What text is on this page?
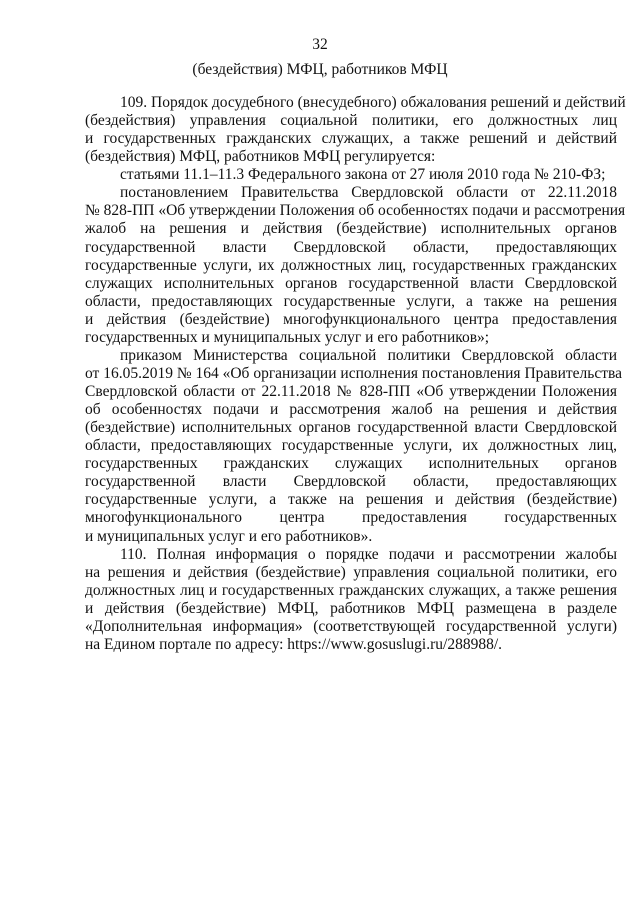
32
(бездействия) МФЦ, работников МФЦ
109. Порядок досудебного (внесудебного) обжалования решений и действий
(бездействия) управления социальной политики, его должностных лиц
и государственных гражданских служащих, а также решений и действий
(бездействия) МФЦ, работников МФЦ регулируется:
статьями 11.1–11.3 Федерального закона от 27 июля 2010 года № 210-ФЗ;
постановлением Правительства Свердловской области от 22.11.2018
№ 828-ПП «Об утверждении Положения об особенностях подачи и рассмотрения
жалоб на решения и действия (бездействие) исполнительных органов
государственной власти Свердловской области, предоставляющих
государственные услуги, их должностных лиц, государственных гражданских
служащих исполнительных органов государственной власти Свердловской
области, предоставляющих государственные услуги, а также на решения
и действия (бездействие) многофункционального центра предоставления
государственных и муниципальных услуг и его работников»;
приказом Министерства социальной политики Свердловской области
от 16.05.2019 № 164 «Об организации исполнения постановления Правительства
Свердловской области от 22.11.2018 № 828-ПП «Об утверждении Положения
об особенностях подачи и рассмотрения жалоб на решения и действия
(бездействие) исполнительных органов государственной власти Свердловской
области, предоставляющих государственные услуги, их должностных лиц,
государственных гражданских служащих исполнительных органов
государственной власти Свердловской области, предоставляющих
государственные услуги, а также на решения и действия (бездействие)
многофункционального центра предоставления государственных
и муниципальных услуг и его работников».
110. Полная информация о порядке подачи и рассмотрении жалобы
на решения и действия (бездействие) управления социальной политики, его
должностных лиц и государственных гражданских служащих, а также решения
и действия (бездействие) МФЦ, работников МФЦ размещена в разделе
«Дополнительная информация» (соответствующей государственной услуги)
на Едином портале по адресу: https://www.gosuslugi.ru/288988/.
